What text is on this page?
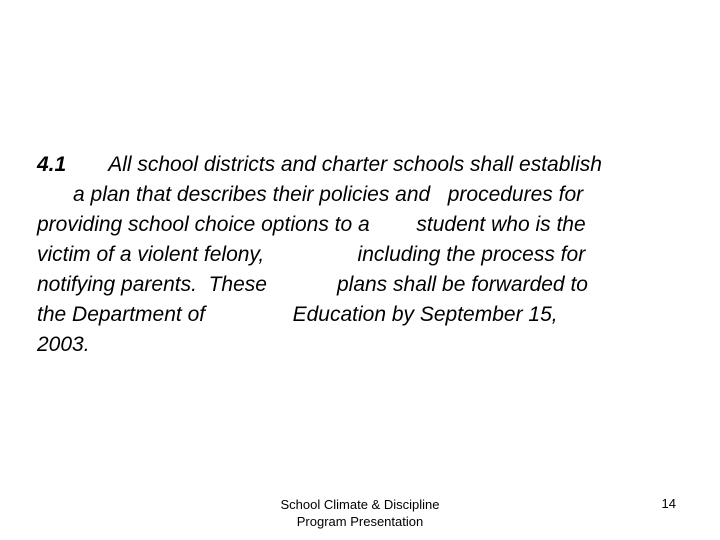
4.1 All school districts and charter schools shall establish
a plan that describes their policies and   procedures for
providing school choice options to a        student who is the
victim of a violent felony,                including the process for
notifying parents.  These            plans shall be forwarded to
the Department of               Education by September 15,
2003.
School Climate & Discipline
Program Presentation
14
